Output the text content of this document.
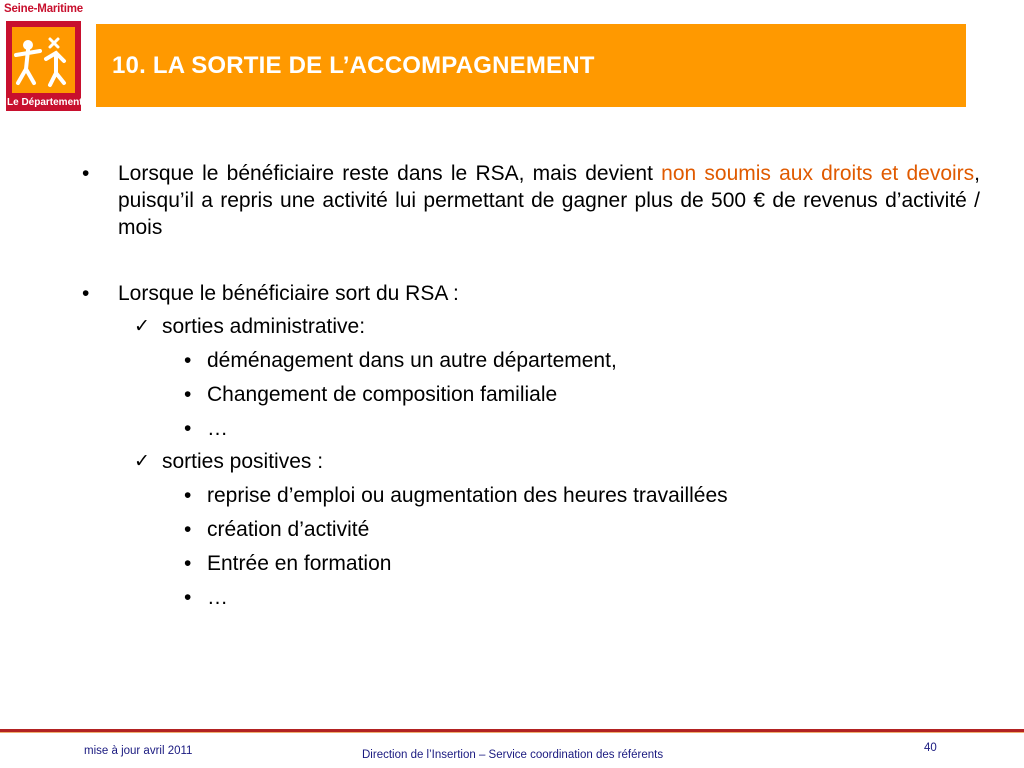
Seine-Maritime
Le Département
10. LA SORTIE DE L’ACCOMPAGNEMENT
• Lorsque le bénéficiaire reste dans le RSA, mais devient non soumis aux droits et devoirs, puisqu’il a repris une activité lui permettant de gagner plus de 500 € de revenus d’activité / mois
• Lorsque le bénéficiaire sort du RSA :
✓ sorties administrative:
• déménagement dans un autre département,
• Changement de composition familiale
• …
✓ sorties positives :
• reprise d’emploi ou augmentation des heures travaillées
• création d’activité
• Entrée en formation
• …
mise à jour avril 2011	Direction de l’Insertion – Service coordination des référents
40
